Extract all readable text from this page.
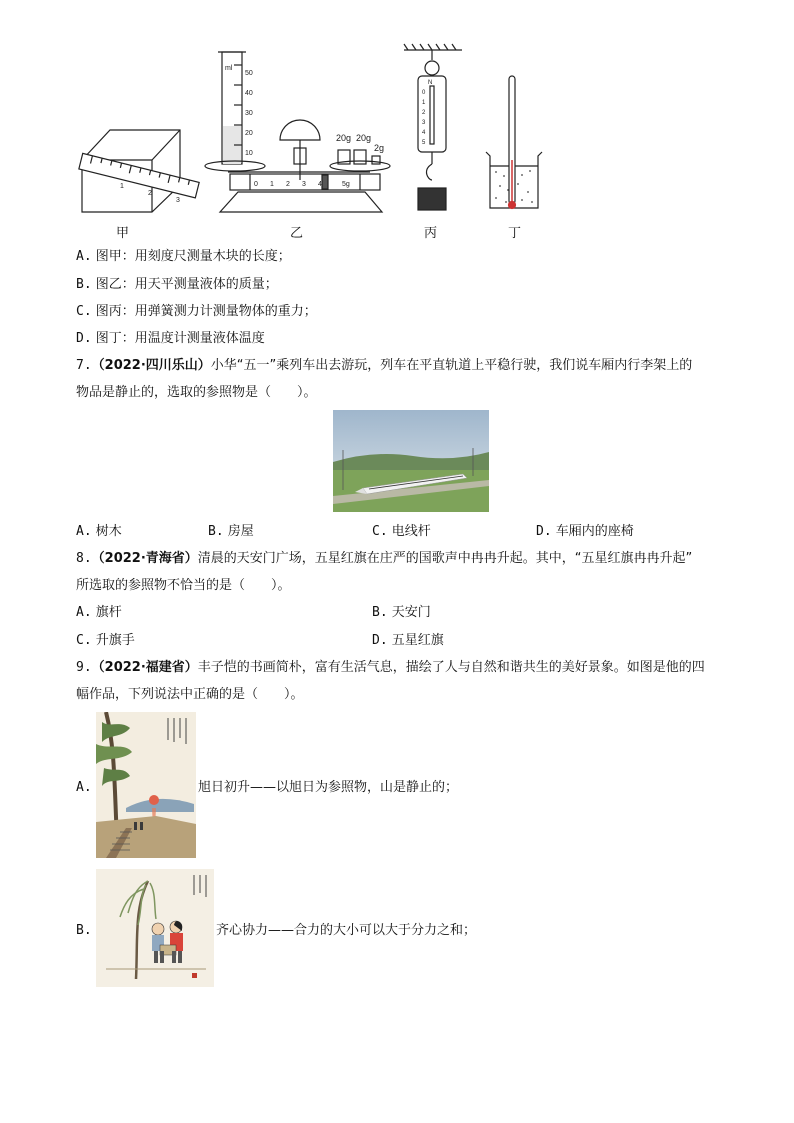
1
2
3
ml
50
40
30
20
10
20g 20g
2g
0 1 2 3 4	5g
N
0
1
2
3
4
5
甲	乙	丙	丁
A. 图甲：用刻度尺测量木块的长度；
B. 图乙：用天平测量液体的质量；
C. 图丙：用弹簧测力计测量物体的重力；
D. 图丁：用温度计测量液体温度
7.（2022·四川乐山）小华“五一”乘列车出去游玩，列车在平直轨道上平稳行驶，我们说车厢内行李架上的
物品是静止的，选取的参照物是（　　）。
A. 树木	B. 房屋	C. 电线杆	D. 车厢内的座椅
8.（2022·青海省）清晨的天安门广场，五星红旗在庄严的国歌声中冉冉升起。其中，“五星红旗冉冉升起”
所选取的参照物不恰当的是（　　）。
A. 旗杆	B. 天安门
C. 升旗手	D. 五星红旗
9.（2022·福建省）丰子恺的书画简朴，富有生活气息，描绘了人与自然和谐共生的美好景象。如图是他的四
幅作品，下列说法中正确的是（　　）。
A.	旭日初升——以旭日为参照物，山是静止的；
B.	齐心协力——合力的大小可以大于分力之和；
